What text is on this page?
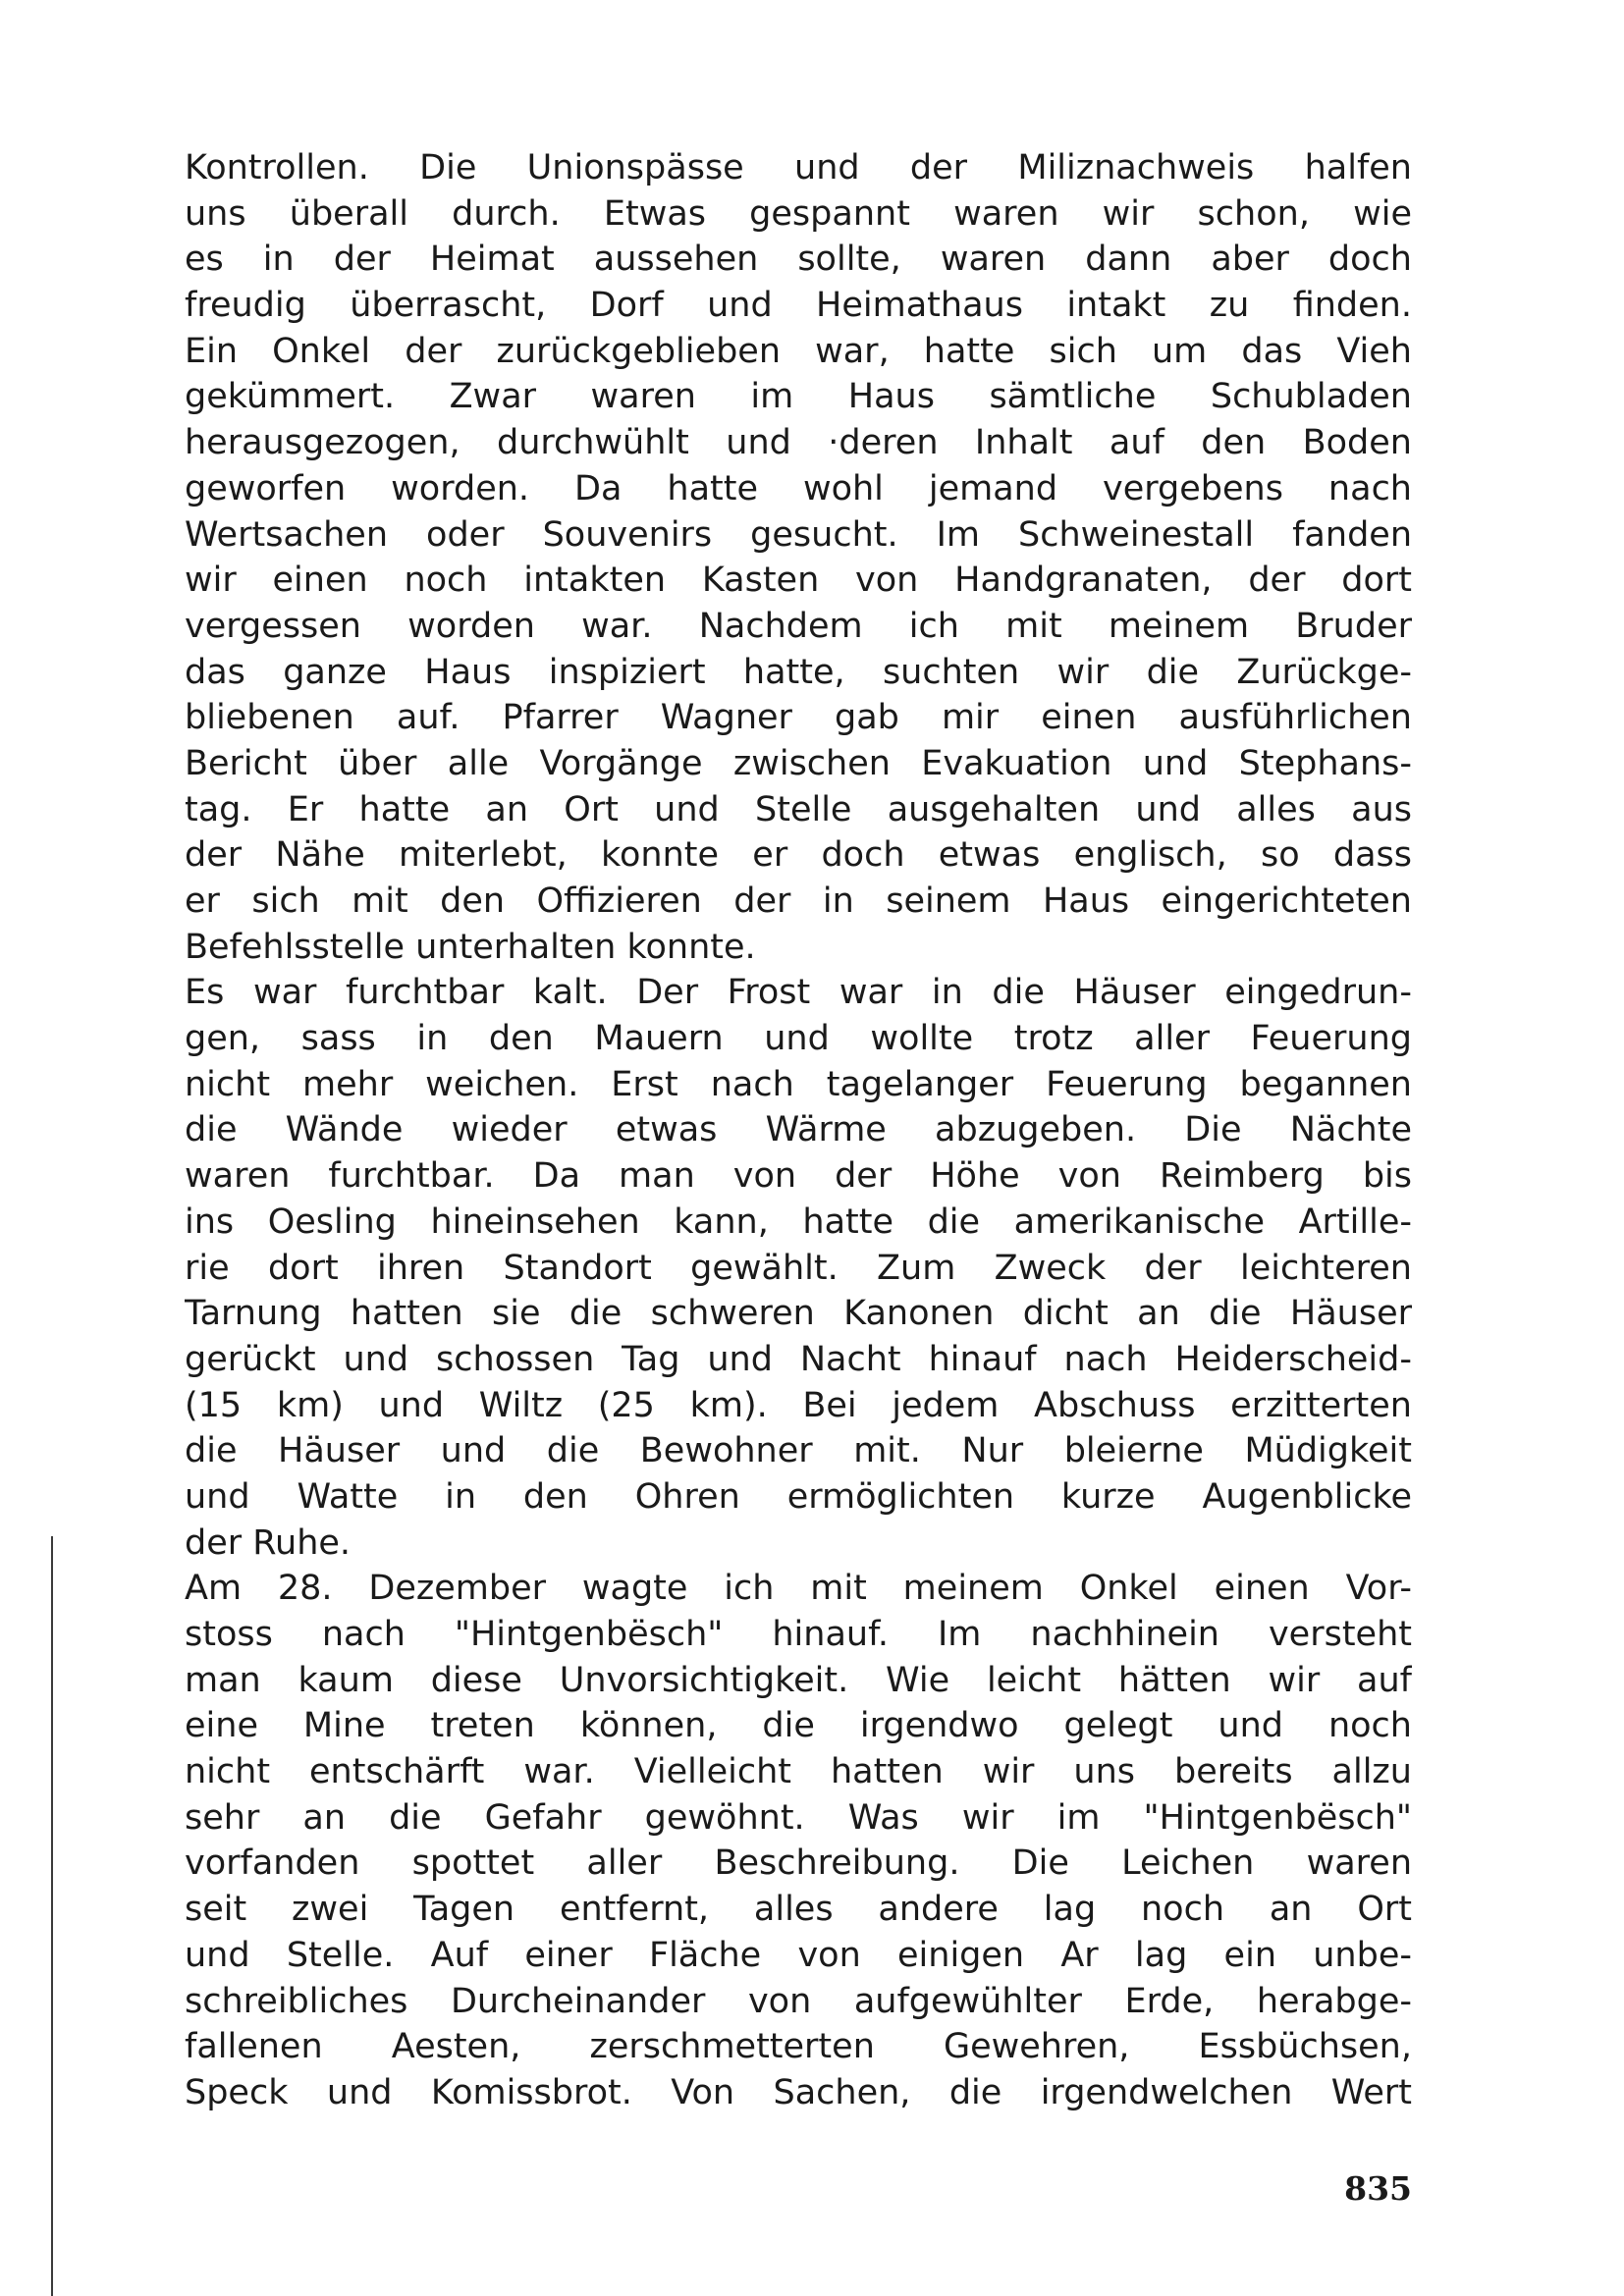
Kontrollen. Die Unionspässe und der Miliznachweis halfen
uns überall durch. Etwas gespannt waren wir schon, wie
es in der Heimat aussehen sollte, waren dann aber doch
freudig überrascht, Dorf und Heimathaus intakt zu finden.
Ein Onkel der zurückgeblieben war, hatte sich um das Vieh
gekümmert. Zwar waren im Haus sämtliche Schubladen
herausgezogen, durchwühlt und ·deren Inhalt auf den Boden
geworfen worden. Da hatte wohl jemand vergebens nach
Wertsachen oder Souvenirs gesucht. Im Schweinestall fanden
wir einen noch intakten Kasten von Handgranaten, der dort
vergessen worden war. Nachdem ich mit meinem Bruder
das ganze Haus inspiziert hatte, suchten wir die Zurückge-
bliebenen auf. Pfarrer Wagner gab mir einen ausführlichen
Bericht über alle Vorgänge zwischen Evakuation und Stephans-
tag. Er hatte an Ort und Stelle ausgehalten und alles aus
der Nähe miterlebt, konnte er doch etwas englisch, so dass
er sich mit den Offizieren der in seinem Haus eingerichteten
Befehlsstelle unterhalten konnte.
Es war furchtbar kalt. Der Frost war in die Häuser eingedrun-
gen, sass in den Mauern und wollte trotz aller Feuerung
nicht mehr weichen. Erst nach tagelanger Feuerung begannen
die Wände wieder etwas Wärme abzugeben. Die Nächte
waren furchtbar. Da man von der Höhe von Reimberg bis
ins Oesling hineinsehen kann, hatte die amerikanische Artille-
rie dort ihren Standort gewählt. Zum Zweck der leichteren
Tarnung hatten sie die schweren Kanonen dicht an die Häuser
gerückt und schossen Tag und Nacht hinauf nach Heiderscheid-
(15 km) und Wiltz (25 km). Bei jedem Abschuss erzitterten
die Häuser und die Bewohner mit. Nur bleierne Müdigkeit
und Watte in den Ohren ermöglichten kurze Augenblicke
der Ruhe.
Am 28. Dezember wagte ich mit meinem Onkel einen Vor-
stoss nach "Hintgenbësch" hinauf. Im nachhinein versteht
man kaum diese Unvorsichtigkeit. Wie leicht hätten wir auf
eine Mine treten können, die irgendwo gelegt und noch
nicht entschärft war. Vielleicht hatten wir uns bereits allzu
sehr an die Gefahr gewöhnt. Was wir im "Hintgenbësch"
vorfanden spottet aller Beschreibung. Die Leichen waren
seit zwei Tagen entfernt, alles andere lag noch an Ort
und Stelle. Auf einer Fläche von einigen Ar lag ein unbe-
schreibliches Durcheinander von aufgewühlter Erde, herabge-
fallenen Aesten, zerschmetterten Gewehren, Essbüchsen,
Speck und Komissbrot. Von Sachen, die irgendwelchen Wert
835
